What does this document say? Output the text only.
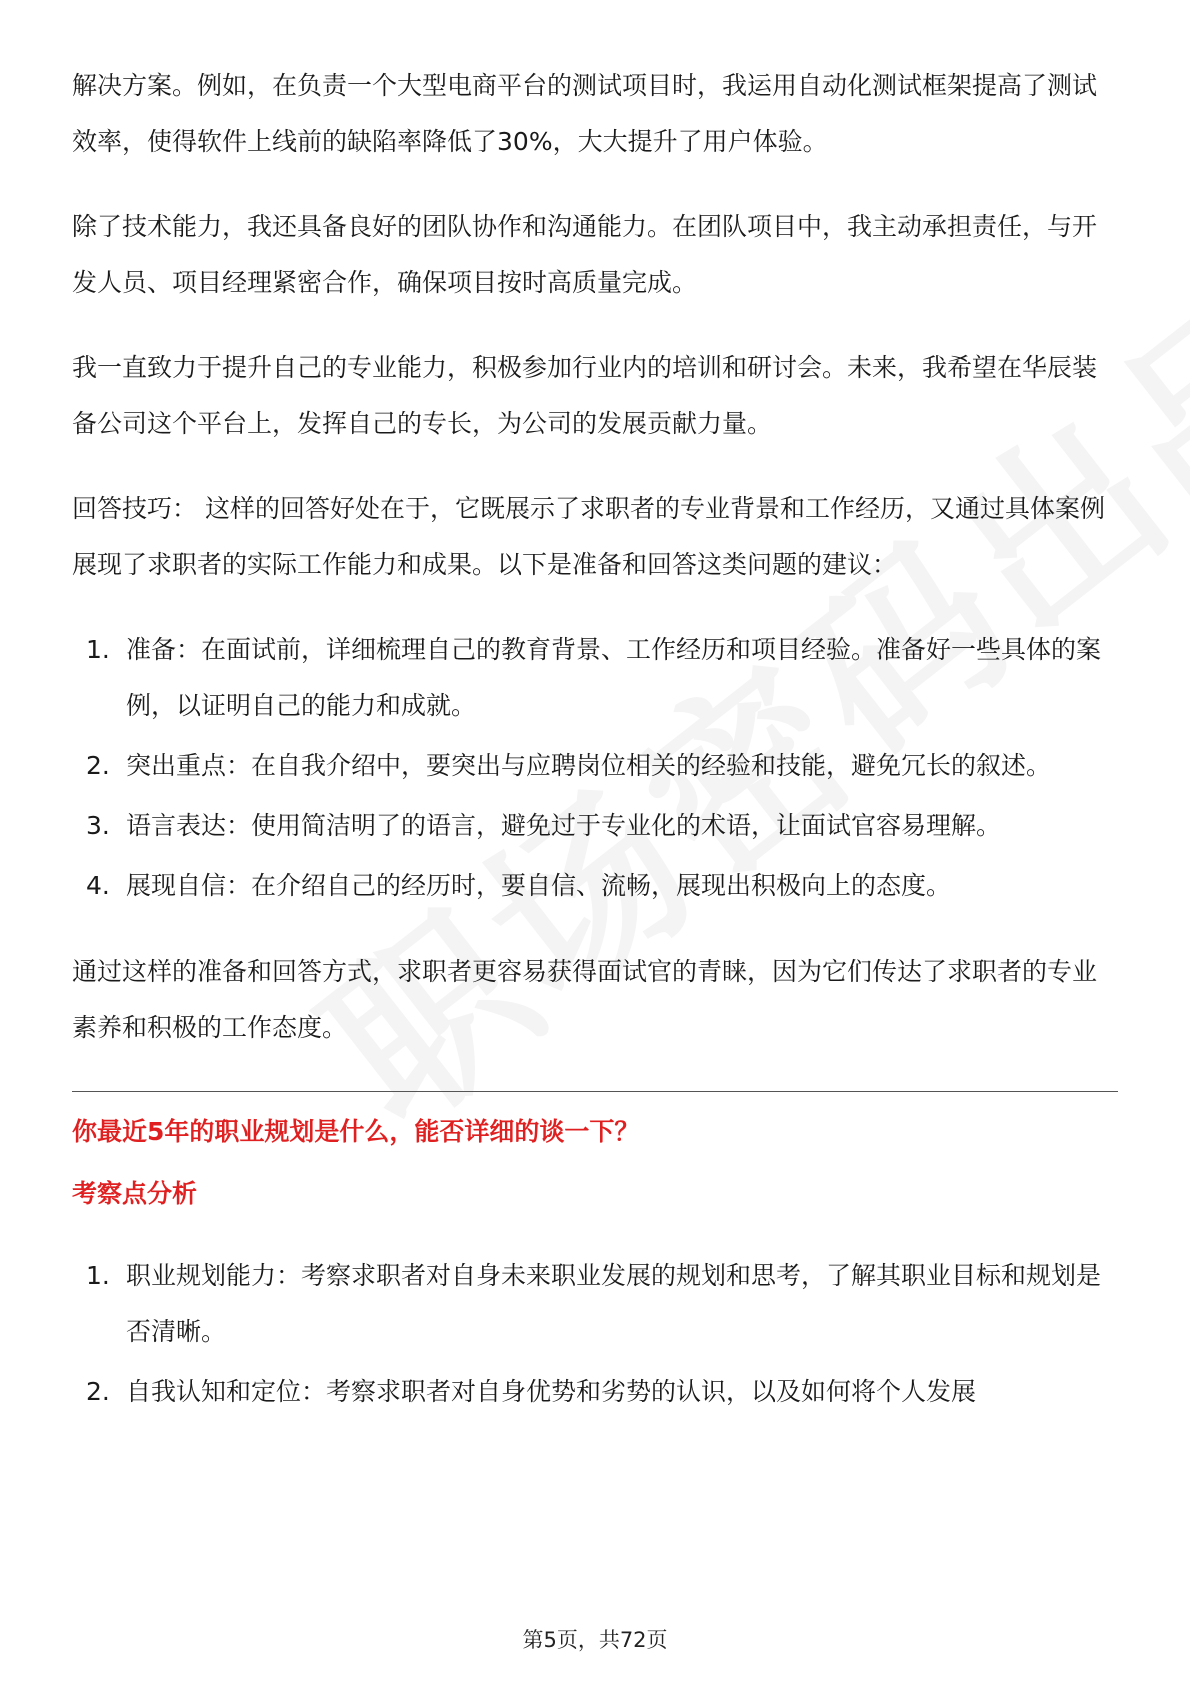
解决方案。例如，在负责一个大型电商平台的测试项目时，我运用自动化测试框架提高了测试效率，使得软件上线前的缺陷率降低了30%，大大提升了用户体验。

除了技术能力，我还具备良好的团队协作和沟通能力。在团队项目中，我主动承担责任，与开发人员、项目经理紧密合作，确保项目按时高质量完成。

我一直致力于提升自己的专业能力，积极参加行业内的培训和研讨会。未来，我希望在华辰装备公司这个平台上，发挥自己的专长，为公司的发展贡献力量。

回答技巧： 这样的回答好处在于，它既展示了求职者的专业背景和工作经历，又通过具体案例展现了求职者的实际工作能力和成果。以下是准备和回答这类问题的建议：

1. 准备：在面试前，详细梳理自己的教育背景、工作经历和项目经验。准备好一些具体的案例，以证明自己的能力和成就。
2. 突出重点：在自我介绍中，要突出与应聘岗位相关的经验和技能，避免冗长的叙述。
3. 语言表达：使用简洁明了的语言，避免过于专业化的术语，让面试官容易理解。
4. 展现自信：在介绍自己的经历时，要自信、流畅，展现出积极向上的态度。

通过这样的准备和回答方式，求职者更容易获得面试官的青睐，因为它们传达了求职者的专业素养和积极的工作态度。

你最近5年的职业规划是什么，能否详细的谈一下？

考察点分析

1. 职业规划能力：考察求职者对自身未来职业发展的规划和思考，了解其职业目标和规划是否清晰。
2. 自我认知和定位：考察求职者对自身优势和劣势的认识，以及如何将个人发展
第5页，共72页
